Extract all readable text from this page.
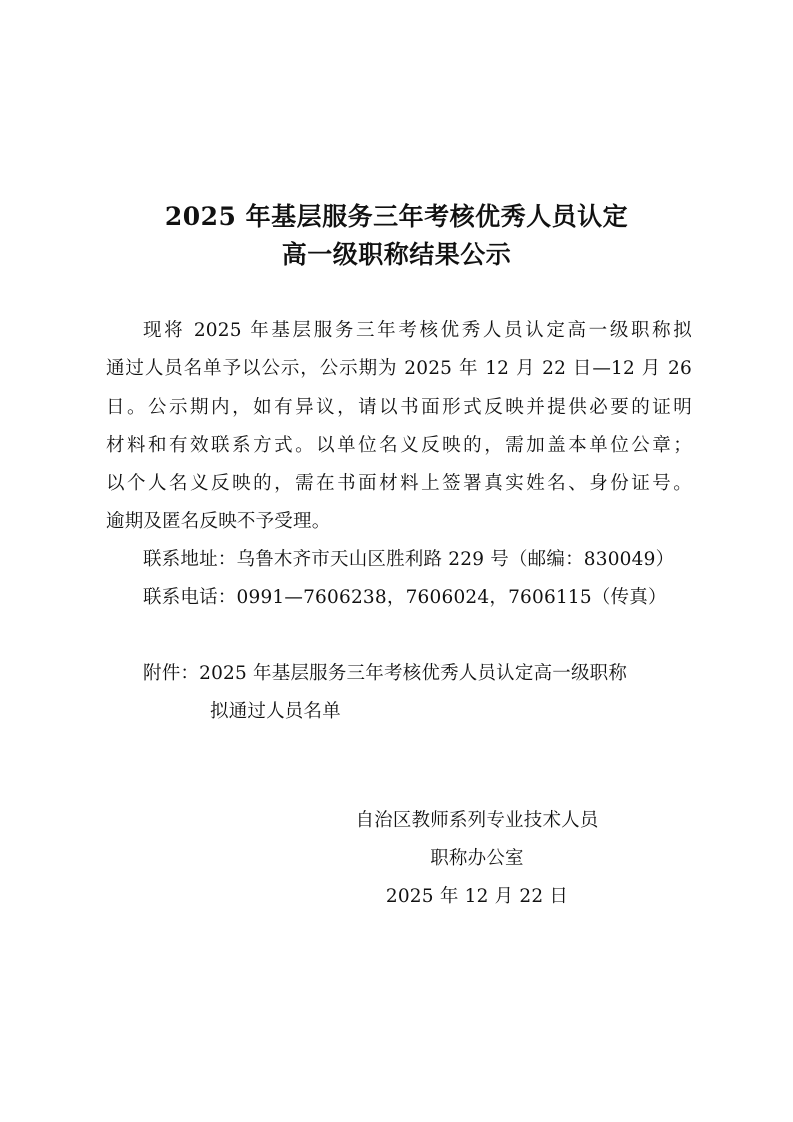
2025 年基层服务三年考核优秀人员认定
高一级职称结果公示
现将 2025 年基层服务三年考核优秀人员认定高一级职称拟
通过人员名单予以公示，公示期为 2025 年 12 月 22 日—12 月 26
日。公示期内，如有异议，请以书面形式反映并提供必要的证明
材料和有效联系方式。以单位名义反映的，需加盖本单位公章；
以个人名义反映的，需在书面材料上签署真实姓名、身份证号。
逾期及匿名反映不予受理。
联系地址：乌鲁木齐市天山区胜利路 229 号（邮编：830049）
联系电话：0991—7606238，7606024，7606115（传真）
附件：2025 年基层服务三年考核优秀人员认定高一级职称
拟通过人员名单
自治区教师系列专业技术人员
职称办公室
2025 年 12 月 22 日
